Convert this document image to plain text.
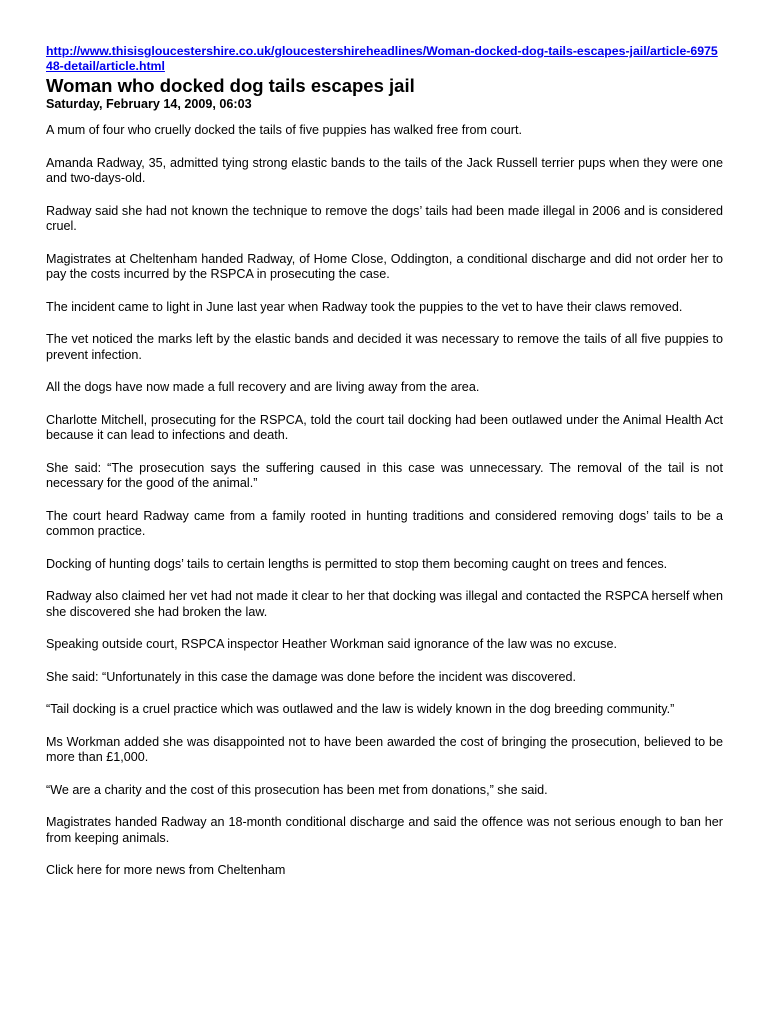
http://www.thisisgloucestershire.co.uk/gloucestershireheadlines/Woman-docked-dog-tails-escapes-jail/article-697548-detail/article.html
Woman who docked dog tails escapes jail
Saturday, February 14, 2009, 06:03

A mum of four who cruelly docked the tails of five puppies has walked free from court.

Amanda Radway, 35, admitted tying strong elastic bands to the tails of the Jack Russell terrier pups when they were one and two-days-old.

Radway said she had not known the technique to remove the dogs’ tails had been made illegal in 2006 and is considered cruel.

Magistrates at Cheltenham handed Radway, of Home Close, Oddington, a conditional discharge and did not order her to pay the costs incurred by the RSPCA in prosecuting the case.

The incident came to light in June last year when Radway took the puppies to the vet to have their claws removed.

The vet noticed the marks left by the elastic bands and decided it was necessary to remove the tails of all five puppies to prevent infection.

All the dogs have now made a full recovery and are living away from the area.

Charlotte Mitchell, prosecuting for the RSPCA, told the court tail docking had been outlawed under the Animal Health Act because it can lead to infections and death.

She said: “The prosecution says the suffering caused in this case was unnecessary. The removal of the tail is not necessary for the good of the animal.”

The court heard Radway came from a family rooted in hunting traditions and considered removing dogs’ tails to be a common practice.

Docking of hunting dogs’ tails to certain lengths is permitted to stop them becoming caught on trees and fences.

Radway also claimed her vet had not made it clear to her that docking was illegal and contacted the RSPCA herself when she discovered she had broken the law.

Speaking outside court, RSPCA inspector Heather Workman said ignorance of the law was no excuse.

She said: “Unfortunately in this case the damage was done before the incident was discovered.

“Tail docking is a cruel practice which was outlawed and the law is widely known in the dog breeding community.”

Ms Workman added she was disappointed not to have been awarded the cost of bringing the prosecution, believed to be more than £1,000.

“We are a charity and the cost of this prosecution has been met from donations,” she said.

Magistrates handed Radway an 18-month conditional discharge and said the offence was not serious enough to ban her from keeping animals.

Click here for more news from Cheltenham
